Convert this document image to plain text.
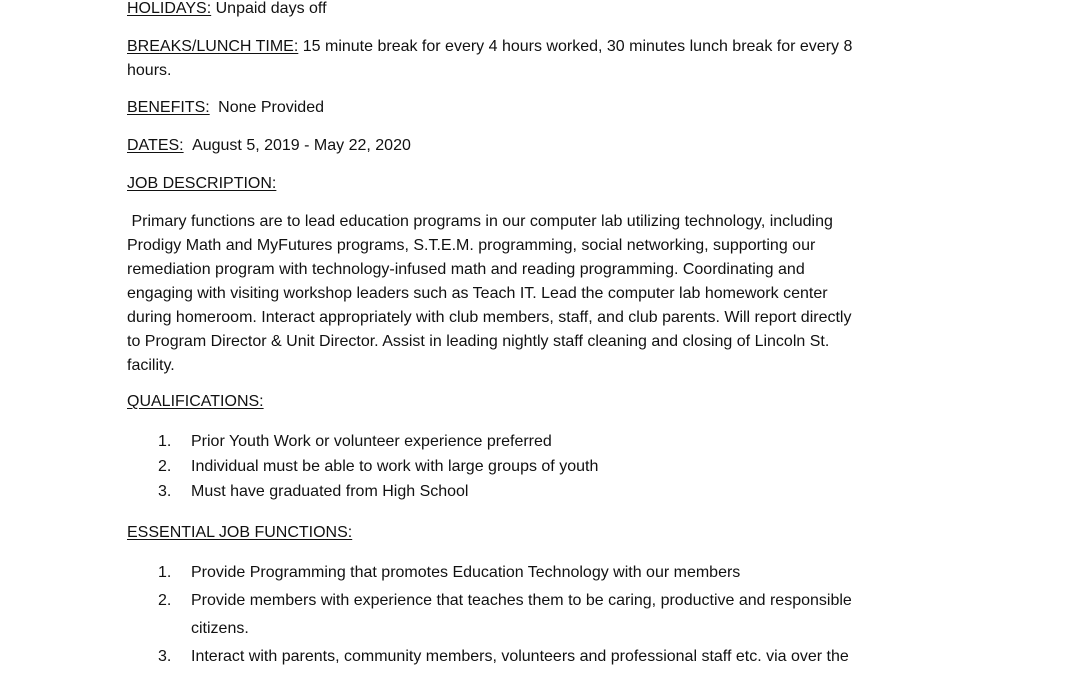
HOLIDAYS: Unpaid days off
BREAKS/LUNCH TIME: 15 minute break for every 4 hours worked, 30 minutes lunch break for every 8
hours.
BENEFITS: None Provided
DATES: August 5, 2019 - May 22, 2020
JOB DESCRIPTION:
Primary functions are to lead education programs in our computer lab utilizing technology, including
Prodigy Math and MyFutures programs, S.T.E.M. programming, social networking, supporting our
remediation program with technology-infused math and reading programming. Coordinating and
engaging with visiting workshop leaders such as Teach IT. Lead the computer lab homework center
during homeroom. Interact appropriately with club members, staff, and club parents. Will report directly
to Program Director & Unit Director. Assist in leading nightly staff cleaning and closing of Lincoln St.
facility.
QUALIFICATIONS:
1.	Prior Youth Work or volunteer experience preferred
2.	Individual must be able to work with large groups of youth
3.	Must have graduated from High School
ESSENTIAL JOB FUNCTIONS:
1.	Provide Programming that promotes Education Technology with our members
2.	Provide members with experience that teaches them to be caring, productive and responsible
citizens.
3.	Interact with parents, community members, volunteers and professional staff etc. via over the
